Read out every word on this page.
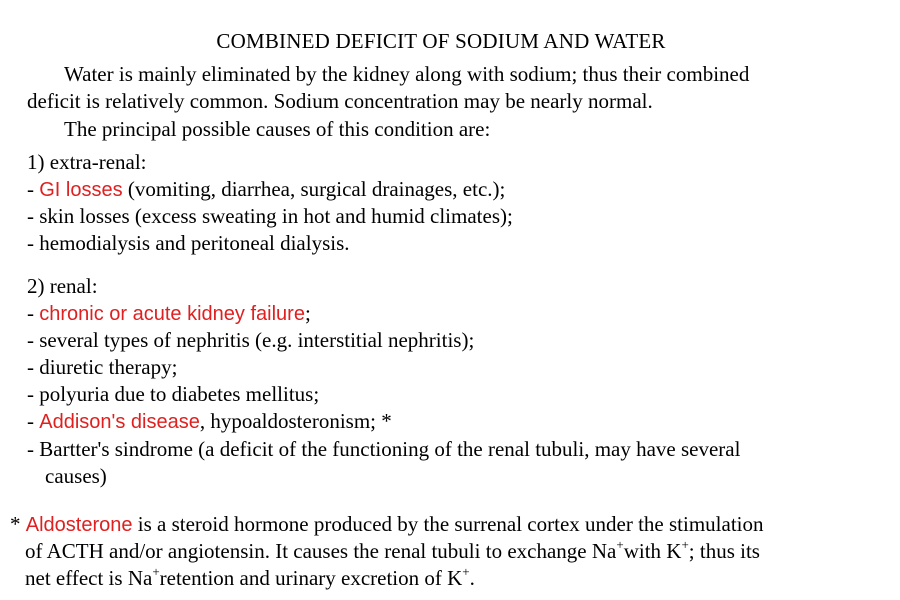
COMBINED DEFICIT OF SODIUM AND WATER
Water is mainly eliminated by the kidney along with sodium; thus their combined
deficit is relatively common. Sodium concentration may be nearly normal.
The principal possible causes of this condition are:
1) extra-renal:
- GI losses (vomiting, diarrhea, surgical drainages, etc.);
- skin losses (excess sweating in hot and humid climates);
- hemodialysis and peritoneal dialysis.
2) renal:
- chronic or acute kidney failure;
- several types of nephritis (e.g. interstitial nephritis);
- diuretic therapy;
- polyuria due to diabetes mellitus;
- Addison's disease, hypoaldosteronism; *
- Bartter's sindrome (a deficit of the functioning of the renal tubuli, may have several
causes)
* Aldosterone is a steroid hormone produced by the surrenal cortex under the stimulation
of ACTH and/or angiotensin. It causes the renal tubuli to exchange Na+with K+; thus its
net effect is Na+retention and urinary excretion of K+.
